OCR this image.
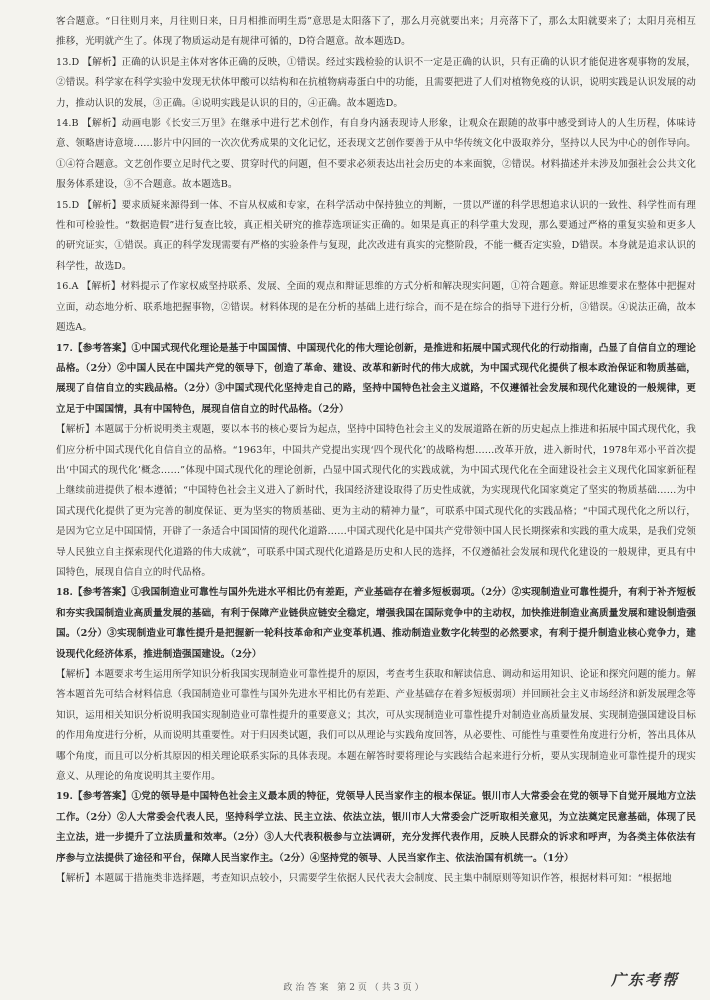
客合题意。“日往则月来，月往则日来，日月相推而明生焉”意思是太阳落下了，那么月亮就要出来；月亮落下了，那么太阳就要来了；太阳月亮相互推移，光明就产生了。体现了物质运动是有规律可循的，D符合题意。故本题选D。

13.D 【解析】正确的认识是主体对客体正确的反映，①错误。经过实践检验的认识不一定是正确的认识，只有正确的认识才能促进客观事物的发展，②错误。科学家在科学实验中发现无状体甲酸可以结构和在抗植物病毒蛋白中的功能，且需要把进了人们对植物免疫的认识，说明实践是认识发展的动力，推动认识的发展，③正确。④说明实践是认识的目的，④正确。故本题选D。

14.B 【解析】动画电影《长安三万里》在继承中进行艺术创作，有自身内涵表现诗人形象，让观众在跟随的故事中感受到诗人的人生历程，体味诗意、领略唐诗意境……影片中闪回的一次次优秀成果的文化记忆，还表现文艺创作要善于从中华传统文化中汲取养分，坚持以人民为中心的创作导向。①④符合题意。文艺创作要立足时代之要、贯穿时代的问题，但不要求必须表达出社会历史的本来面貌，②错误。材料描述并未涉及加强社会公共文化服务体系建设，③不合题意。故本题选B。

15.D 【解析】要求质疑来源得到一体、不盲从权威和专家，在科学活动中保持独立的判断，一贯以严谨的科学思想追求认识的一致性、科学性而有理性和可检验性。“数据造假”进行复查比较，真正相关研究的推荐选项证实正确的。如果是真正的科学重大发现，那么要通过严格的重复实验和更多人的研究证实，①错误。真正的科学发现需要有严格的实验条件与复现，此次改进有真实的完整阶段，不能一概否定实验，D错误。本身就是追求认识的科学性，故选D。

16.A 【解析】材料提示了作家权威坚持联系、发展、全面的观点和辩证思维的方式分析和解决现实问题，①符合题意。辩证思维要求在整体中把握对立面，动态地分析、联系地把握事物，②错误。材料体现的是在分析的基础上进行综合，而不是在综合的指导下进行分析，③错误。④说法正确，故本题选A。

17.【参考答案】①中国式现代化理论是基于中国国情、中国现代化的伟大理论创新，是推进和拓展中国式现代化的行动指南，凸显了自信自立的理论品格。（2分）②中国人民在中国共产党的领导下，创造了革命、建设、改革和新时代的伟大成就，为中国式现代化提供了根本政治保证和物质基础，展现了自信自立的实践品格。（2分）③中国式现代化坚持走自己的路，坚持中国特色社会主义道路，不仅遵循社会发展和现代化建设的一般规律，更立足于中国国情，具有中国特色，展现自信自立的时代品格。（2分）

【解析】本题属于分析说明类主观题，要以本书的核心要旨为起点，坚持中国特色社会主义的发展道路在新的历史起点上推进和拓展中国式现代化，我们应分析中国式现代化自信自立的品格。“1963年，中国共产党提出实现‘四个现代化’的战略构想……改革开放，进入新时代，1978年邓小平首次提出‘中国式的现代化’概念……”体现中国式现代化的理论创新，凸显中国式现代化的实践成就，为中国式现代化在全面建设社会主义现代化国家新征程上继续前进提供了根本遵循；“中国特色社会主义进入了新时代，我国经济建设取得了历史性成就，为实现现代化国家奠定了坚实的物质基础……为中国式现代化提供了更为完善的制度保证、更为坚实的物质基础、更为主动的精神力量”，可联系中国式现代化的实践品格；“中国式现代化之所以行，是因为它立足中国国情，开辟了一条适合中国国情的现代化道路……中国式现代化是中国共产党带领中国人民长期探索和实践的重大成果，是我们党领导人民独立自主探索现代化道路的伟大成就”，可联系中国式现代化道路是历史和人民的选择，不仅遵循社会发展和现代化建设的一般规律，更具有中国特色，展现自信自立的时代品格。

18.【参考答案】①我国制造业可靠性与国外先进水平相比仍有差距，产业基础存在着多短板弱项。（2分）②实现制造业可靠性提升，有利于补齐短板和夯实我国制造业高质量发展的基础，有利于保障产业链供应链安全稳定，增强我国在国际竞争中的主动权，加快推进制造业高质量发展和建设制造强国。（2分）③实现制造业可靠性提升是把握新一轮科技革命和产业变革机遇、推动制造业数字化转型的必然要求，有利于提升制造业核心竞争力，建设现代化经济体系，推进制造强国建设。（2分）

【解析】本题要求考生运用所学知识分析我国实现制造业可靠性提升的原因，考查考生获取和解读信息、调动和运用知识、论证和探究问题的能力。解答本题首先可结合材料信息（我国制造业可靠性与国外先进水平相比仍有差距、产业基础存在着多短板弱项）并回顾社会主义市场经济和新发展理念等知识，运用相关知识分析说明我国实现制造业可靠性提升的重要意义；其次，可从实现制造业可靠性提升对制造业高质量发展、实现制造强国建设目标的作用角度进行分析，从而说明其重要性。对于归因类试题，我们可以从理论与实践角度回答，从必要性、可能性与重要性角度进行分析，答出具体从哪个角度，而且可以分析其原因的相关理论联系实际的具体表现。本题在解答时要将理论与实践结合起来进行分析，要从实现制造业可靠性提升的现实意义、从理论的角度说明其主要作用。

19.【参考答案】①党的领导是中国特色社会主义最本质的特征，党领导人民当家作主的根本保证。银川市人大常委会在党的领导下自觉开展地方立法工作。（2分）②人大常委会代表人民，坚持科学立法、民主立法、依法立法，银川市人大常委会广泛听取相关意见，为立法奠定民意基础，体现了民主立法，进一步提升了立法质量和效率。（2分）③人大代表积极参与立法调研，充分发挥代表作用，反映人民群众的诉求和呼声，为各类主体依法有序参与立法提供了途径和平台，保障人民当家作主。（2分）④坚持党的领导、人民当家作主、依法治国有机统一。（1分）

【解析】本题属于措施类非选择题，考查知识点较小，只需要学生依据人民代表大会制度、民主集中制原则等知识作答，根据材料可知：“根据地

政治答案 第2页（共3页）	广东考帮
